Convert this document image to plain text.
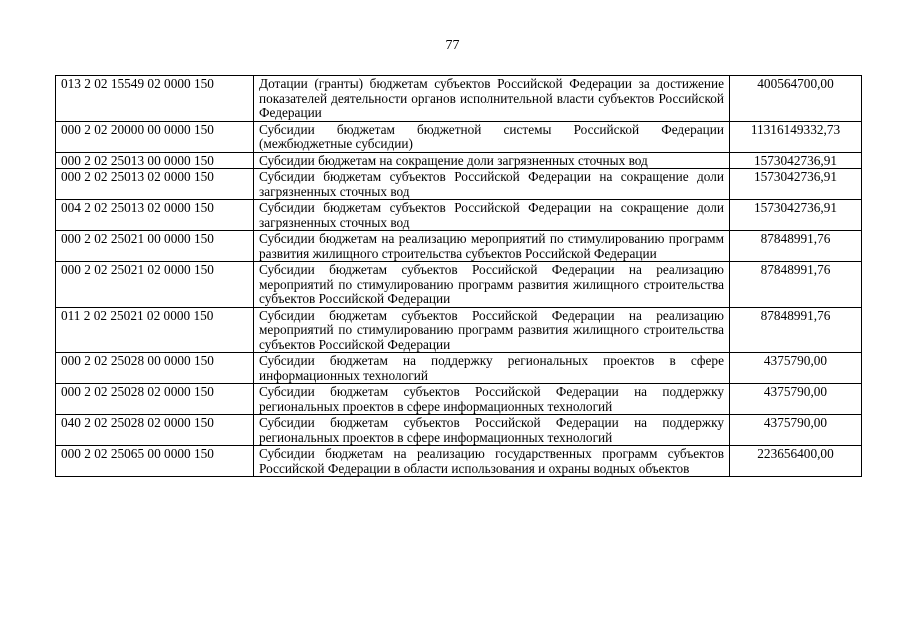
77
013 2 02 15549 02 0000 150	Дотации (гранты) бюджетам субъектов Российской Федерации за достижение показателей деятельности органов исполнительной власти субъектов Российской Федерации	400564700,00
000 2 02 20000 00 0000 150	Субсидии бюджетам бюджетной системы Российской Федерации (межбюджетные субсидии)	11316149332,73
000 2 02 25013 00 0000 150	Субсидии бюджетам на сокращение доли загрязненных сточных вод	1573042736,91
000 2 02 25013 02 0000 150	Субсидии бюджетам субъектов Российской Федерации на сокращение доли загрязненных сточных вод	1573042736,91
004 2 02 25013 02 0000 150	Субсидии бюджетам субъектов Российской Федерации на сокращение доли загрязненных сточных вод	1573042736,91
000 2 02 25021 00 0000 150	Субсидии бюджетам на реализацию мероприятий по стимулированию программ развития жилищного строительства субъектов Российской Федерации	87848991,76
000 2 02 25021 02 0000 150	Субсидии бюджетам субъектов Российской Федерации на реализацию мероприятий по стимулированию программ развития жилищного строительства субъектов Российской Федерации	87848991,76
011 2 02 25021 02 0000 150	Субсидии бюджетам субъектов Российской Федерации на реализацию мероприятий по стимулированию программ развития жилищного строительства субъектов Российской Федерации	87848991,76
000 2 02 25028 00 0000 150	Субсидии бюджетам на поддержку региональных проектов в сфере информационных технологий	4375790,00
000 2 02 25028 02 0000 150	Субсидии бюджетам субъектов Российской Федерации на поддержку региональных проектов в сфере информационных технологий	4375790,00
040 2 02 25028 02 0000 150	Субсидии бюджетам субъектов Российской Федерации на поддержку региональных проектов в сфере информационных технологий	4375790,00
000 2 02 25065 00 0000 150	Субсидии бюджетам на реализацию государственных программ субъектов Российской Федерации в области использования и охраны водных объектов	223656400,00
